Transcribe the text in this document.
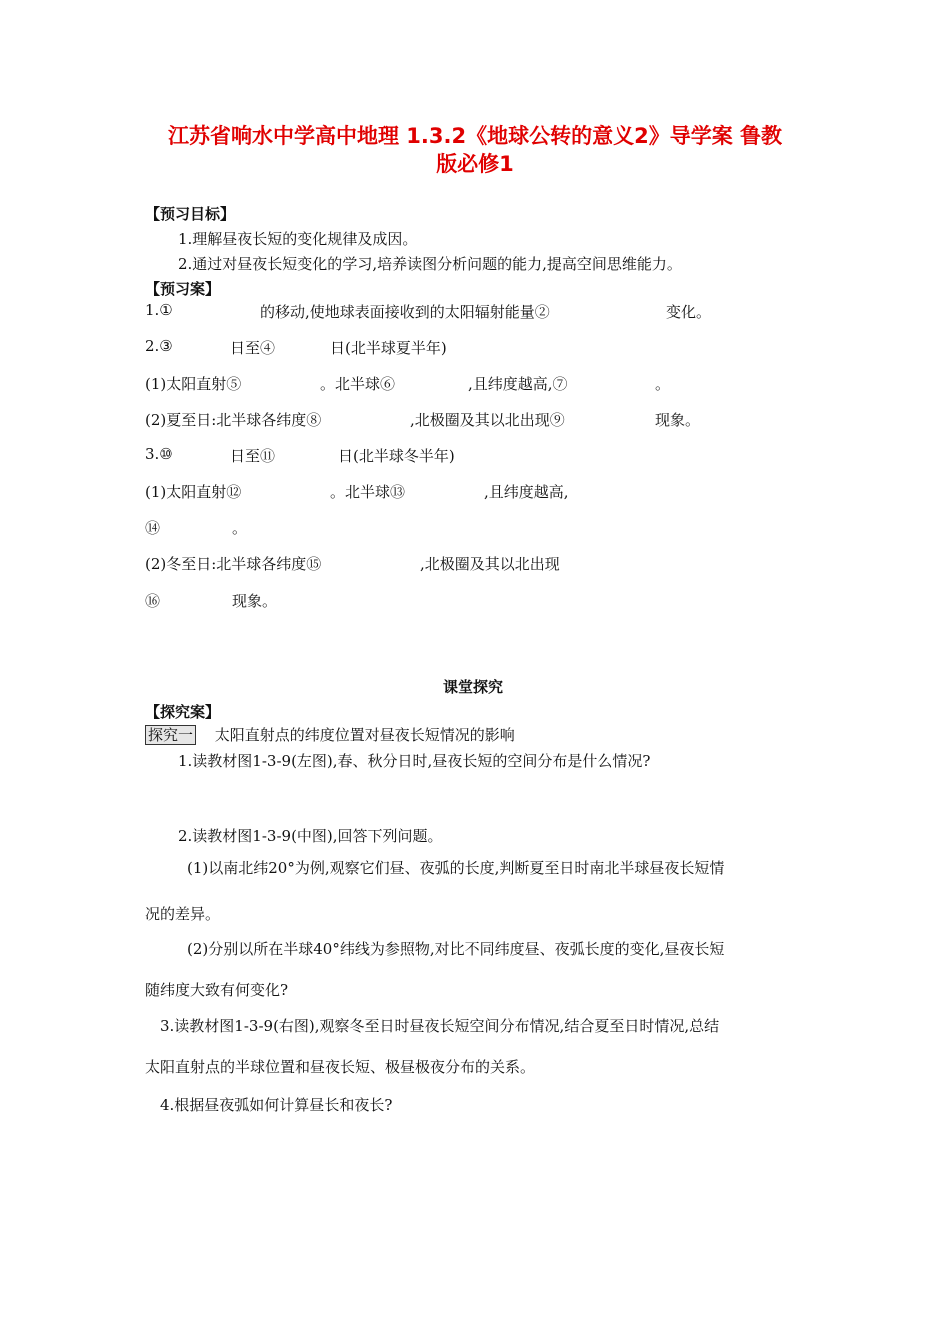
江苏省响水中学高中地理 1.3.2《地球公转的意义2》导学案 鲁教
版必修1
【预习目标】
1.理解昼夜长短的变化规律及成因。
2.通过对昼夜长短变化的学习,培养读图分析问题的能力,提高空间思维能力。
【预习案】
1.①	的移动,使地球表面接收到的太阳辐射能量②	变化。
2.③	日至④	日(北半球夏半年)
(1)太阳直射⑤	。北半球⑥	,且纬度越高,⑦	。
(2)夏至日:北半球各纬度⑧	,北极圈及其以北出现⑨	现象。
3.⑩	日至⑪	日(北半球冬半年)
(1)太阳直射⑫	。北半球⑬	,且纬度越高,
⑭	。
(2)冬至日:北半球各纬度⑮	,北极圈及其以北出现
⑯	现象。
课堂探究
【探究案】
探究一 太阳直射点的纬度位置对昼夜长短情况的影响
1.读教材图1-3-9(左图),春、秋分日时,昼夜长短的空间分布是什么情况?
2.读教材图1-3-9(中图),回答下列问题。
(1)以南北纬20°为例,观察它们昼、夜弧的长度,判断夏至日时南北半球昼夜长短情
况的差异。
(2)分别以所在半球40°纬线为参照物,对比不同纬度昼、夜弧长度的变化,昼夜长短
随纬度大致有何变化?
3.读教材图1-3-9(右图),观察冬至日时昼夜长短空间分布情况,结合夏至日时情况,总结
太阳直射点的半球位置和昼夜长短、极昼极夜分布的关系。
4.根据昼夜弧如何计算昼长和夜长?
